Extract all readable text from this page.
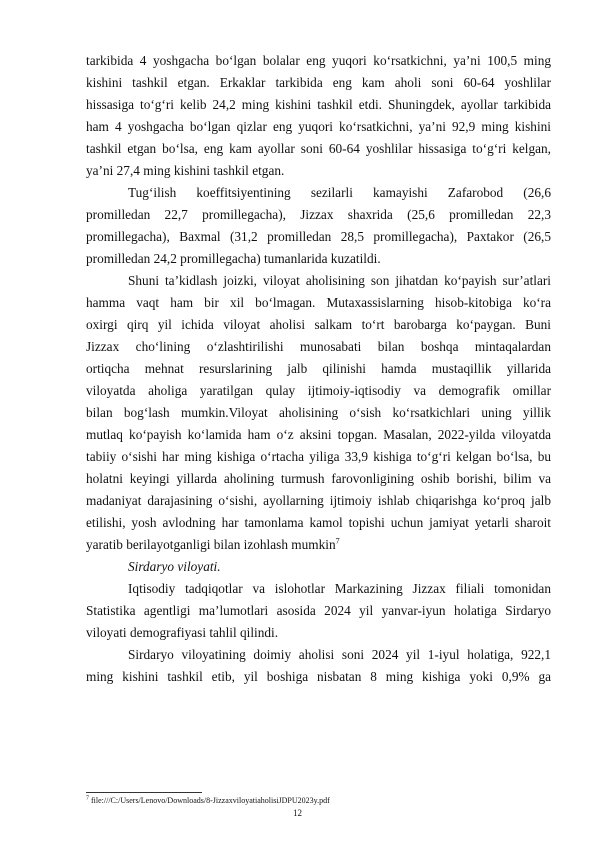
tarkibida 4 yoshgacha bo‘lgan bolalar eng yuqori ko‘rsatkichni, ya’ni 100,5 ming
kishini tashkil etgan. Erkaklar tarkibida eng kam aholi soni 60-64 yoshlilar
hissasiga to‘g‘ri kelib 24,2 ming kishini tashkil etdi. Shuningdek, ayollar tarkibida
ham 4 yoshgacha bo‘lgan qizlar eng yuqori ko‘rsatkichni, ya’ni 92,9 ming kishini
tashkil etgan bo‘lsa, eng kam ayollar soni 60-64 yoshlilar hissasiga to‘g‘ri kelgan,
ya’ni 27,4 ming kishini tashkil etgan.
Tug‘ilish koeffitsiyentining sezilarli kamayishi Zafarobod (26,6
promilledan 22,7 promillegacha), Jizzax shaxrida (25,6 promilledan 22,3
promillegacha), Baxmal (31,2 promilledan 28,5 promillegacha), Paxtakor (26,5
promilledan 24,2 promillegacha) tumanlarida kuzatildi.
Shuni ta’kidlash joizki, viloyat aholisining son jihatdan ko‘payish sur’atlari
hamma vaqt ham bir xil bo‘lmagan. Mutaxassislarning hisob-kitobiga ko‘ra
oxirgi qirq yil ichida viloyat aholisi salkam to‘rt barobarga ko‘paygan. Buni
Jizzax cho‘lining o‘zlashtirilishi munosabati bilan boshqa mintaqalardan
ortiqcha mehnat resurslarining jalb qilinishi hamda mustaqillik yillarida
viloyatda aholiga yaratilgan qulay ijtimoiy-iqtisodiy va demografik omillar
bilan bog‘lash mumkin.Viloyat aholisining o‘sish ko‘rsatkichlari uning yillik
mutlaq ko‘payish ko‘lamida ham o‘z aksini topgan. Masalan, 2022-yilda viloyatda
tabiiy o‘sishi har ming kishiga o‘rtacha yiliga 33,9 kishiga to‘g‘ri kelgan bo‘lsa, bu
holatni keyingi yillarda aholining turmush farovonligining oshib borishi, bilim va
madaniyat darajasining o‘sishi, ayollarning ijtimoiy ishlab chiqarishga ko‘proq jalb
etilishi, yosh avlodning har tamonlama kamol topishi uchun jamiyat yetarli sharoit
yaratib berilayotganligi bilan izohlash mumkin$^7$
Sirdaryo viloyati.
Iqtisodiy tadqiqotlar va islohotlar Markazining Jizzax filiali tomonidan
Statistika agentligi ma’lumotlari asosida 2024 yil yanvar-iyun holatiga Sirdaryo
viloyati demografiyasi tahlil qilindi.
Sirdaryo viloyatining doimiy aholisi soni 2024 yil 1-iyul holatiga, 922,1
ming kishini tashkil etib, yil boshiga nisbatan 8 ming kishiga yoki 0,9% ga
$^7$ file:///C:/Users/Lenovo/Downloads/8-JizzaxviloyatiaholisiJDPU2023y.pdf
12
